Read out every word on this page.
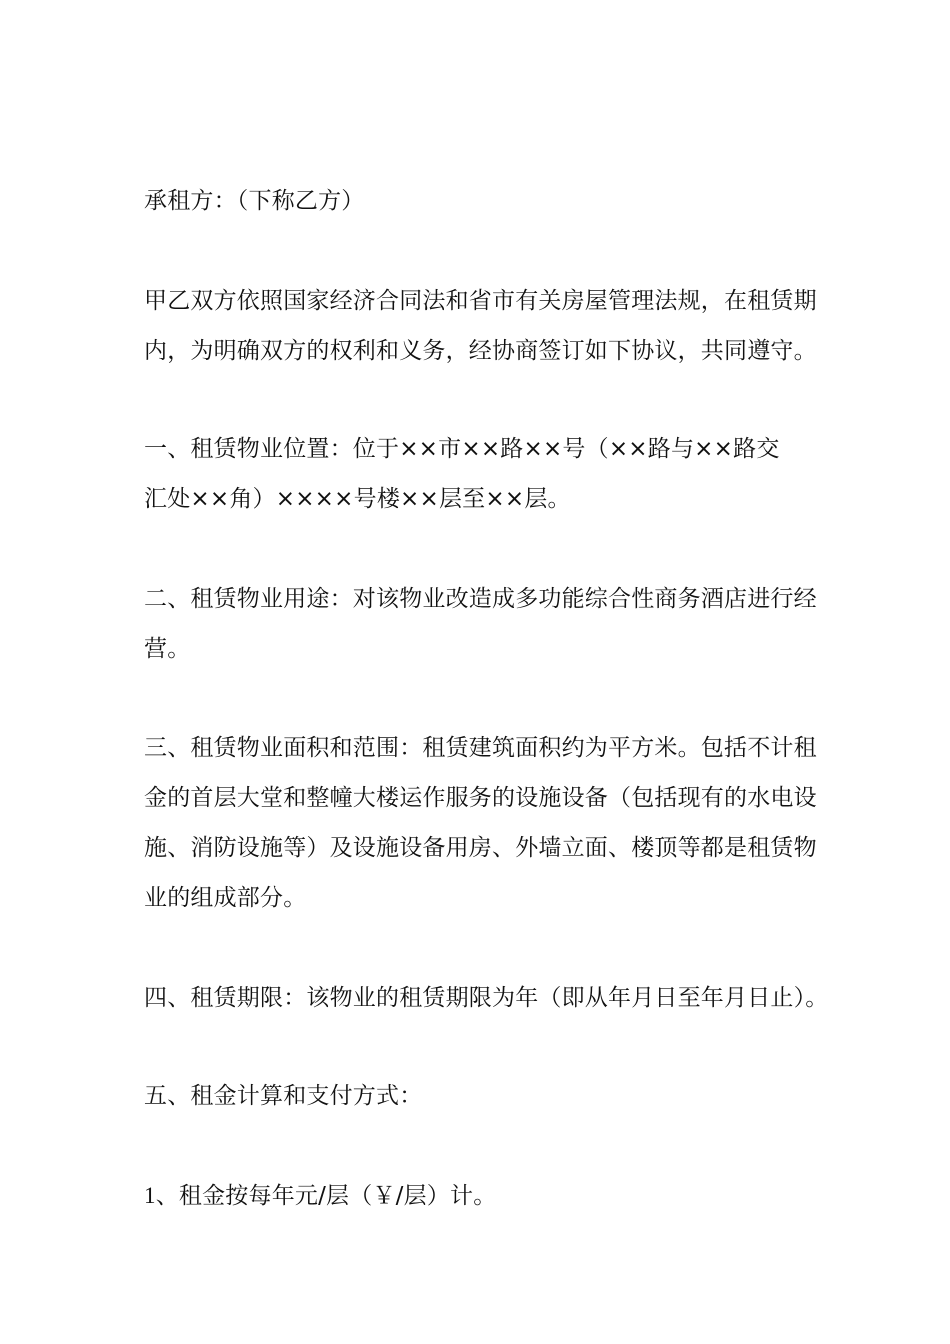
承租方：（下称乙方）

甲乙双方依照国家经济合同法和省市有关房屋管理法规，在租赁期
内，为明确双方的权利和义务，经协商签订如下协议，共同遵守。

一、租赁物业位置：位于××市××路××号（××路与××路交
汇处××角）××××号楼××层至××层。

二、租赁物业用途：对该物业改造成多功能综合性商务酒店进行经
营。

三、租赁物业面积和范围：租赁建筑面积约为平方米。包括不计租
金的首层大堂和整幢大楼运作服务的设施设备（包括现有的水电设
施、消防设施等）及设施设备用房、外墙立面、楼顶等都是租赁物
业的组成部分。

四、租赁期限：该物业的租赁期限为年（即从年月日至年月日止）。

五、租金计算和支付方式：

1、租金按每年元/层（￥/层）计。
